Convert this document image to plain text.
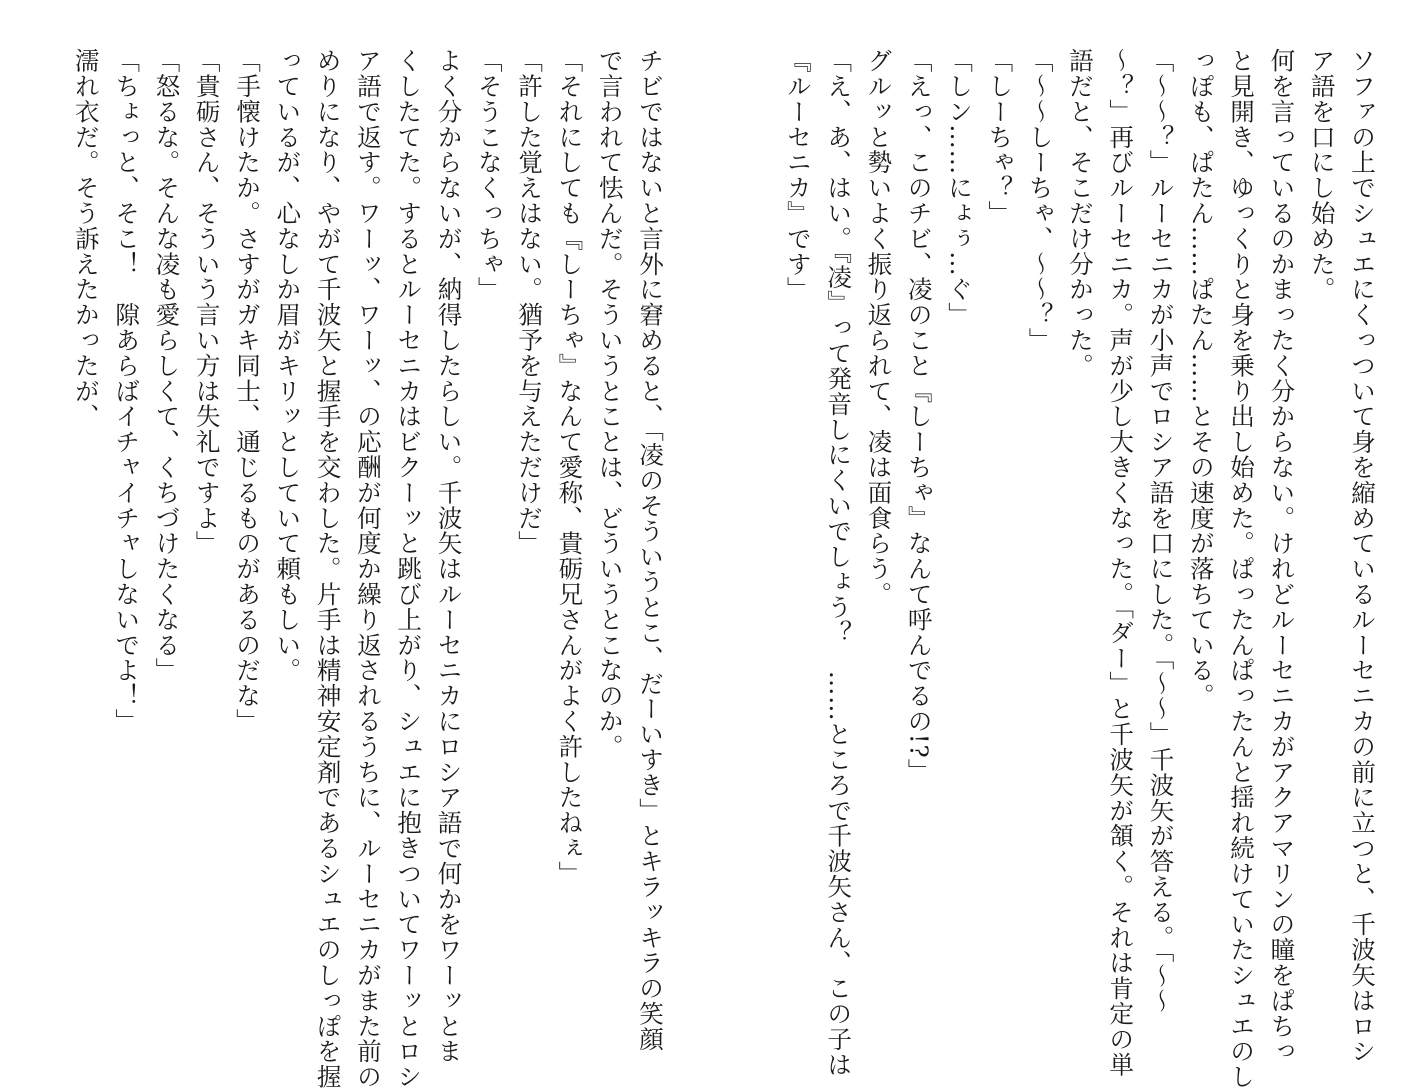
ソファの上でシュエにくっついて身を縮めているルーセニカの前に立つと、千波矢はロシ
ア語を口にし始めた。
何を言っているのかまったく分からない。けれどルーセニカがアクアマリンの瞳をぱちっ
と見開き、ゆっくりと身を乗り出し始めた。ぱったんぱったんと揺れ続けていたシュエのし
っぽも、ぱたん……ぱたん……とその速度が落ちている。
「～～？」ルーセニカが小声でロシア語を口にした。「～～」千波矢が答える。「～～
～？」再びルーセニカ。声が少し大きくなった。「ダー」と千波矢が頷く。それは肯定の単
語だと、そこだけ分かった。
「～～しーちゃ、～～？」
「しーちゃ？」
「しン……にょぅ…ぐ」
「えっ、このチビ、凌のこと『しーちゃ』なんて呼んでるの!?」
グルッと勢いよく振り返られて、凌は面食らう。
「え、あ、はい。『凌』って発音しにくいでしょう？　……ところで千波矢さん、この子は
『ルーセニカ』です」
チビではないと言外に窘めると、「凌のそういうとこ、だーいすき」とキラッキラの笑顔
で言われて怯んだ。そういうとことは、どういうとこなのか。
「それにしても『しーちゃ』なんて愛称、貴砺兄さんがよく許したねぇ」
「許した覚えはない。猶予を与えただけだ」
「そうこなくっちゃ」
よく分からないが、納得したらしい。千波矢はルーセニカにロシア語で何かをワーッとま
くしたてた。するとルーセニカはビクーッと跳び上がり、シュエに抱きついてワーッとロシ
ア語で返す。ワーッ、ワーッ、の応酬が何度か繰り返されるうちに、ルーセニカがまた前の
めりになり、やがて千波矢と握手を交わした。片手は精神安定剤であるシュエのしっぽを握
っているが、心なしか眉がキリッとしていて頼もしい。
「手懐けたか。さすがガキ同士、通じるものがあるのだな」
「貴砺さん、そういう言い方は失礼ですよ」
「怒るな。そんな凌も愛らしくて、くちづけたくなる」
「ちょっと、そこ！　隙あらばイチャイチャしないでよ！」
濡れ衣だ。そう訴えたかったが、
